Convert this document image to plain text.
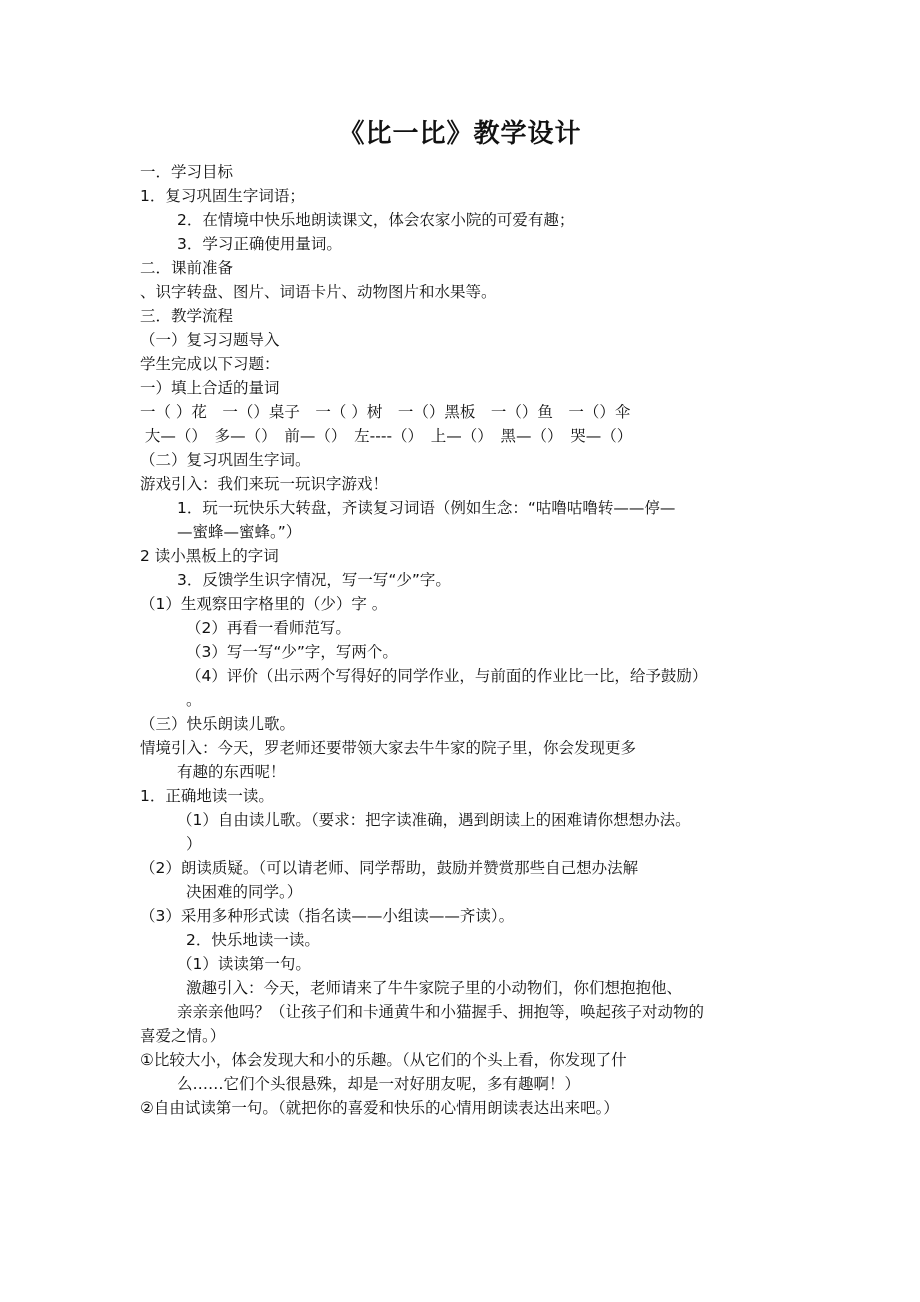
《比一比》教学设计
一．学习目标
1．复习巩固生字词语；
2．在情境中快乐地朗读课文，体会农家小院的可爱有趣；
3．学习正确使用量词。
二．课前准备
、识字转盘、图片、词语卡片、动物图片和水果等。
三．教学流程
（一）复习习题导入
学生完成以下习题：
一）填上合适的量词
一（ ）花　一（）桌子　一（ ）树　一（）黑板　一（）鱼　一（）伞
大—（）　多—（）　前—（）　左----（）　上—（）　黑—（）　哭—（）
（二）复习巩固生字词。
游戏引入：我们来玩一玩识字游戏！
1．玩一玩快乐大转盘，齐读复习词语（例如生念：“咕噜咕噜转——停—
—蜜蜂—蜜蜂。”）
2 读小黑板上的字词
3．反馈学生识字情况，写一写“少”字。
（1）生观察田字格里的（少）字 。
（2）再看一看师范写。
（3）写一写“少”字，写两个。
（4）评价（出示两个写得好的同学作业，与前面的作业比一比，给予鼓励）
。
（三）快乐朗读儿歌。
情境引入：今天，罗老师还要带领大家去牛牛家的院子里，你会发现更多
有趣的东西呢！
1．正确地读一读。
（1）自由读儿歌。（要求：把字读准确，遇到朗读上的困难请你想想办法。
）
（2）朗读质疑。（可以请老师、同学帮助，鼓励并赞赏那些自己想办法解
决困难的同学。）
（3）采用多种形式读（指名读——小组读——齐读）。
2．快乐地读一读。
（1）读读第一句。
激趣引入：今天，老师请来了牛牛家院子里的小动物们，你们想抱抱他、
亲亲亲他吗？（让孩子们和卡通黄牛和小猫握手、拥抱等，唤起孩子对动物的
喜爱之情。）
①比较大小，体会发现大和小的乐趣。（从它们的个头上看，你发现了什
么……它们个头很悬殊，却是一对好朋友呢，多有趣啊！）
②自由试读第一句。（就把你的喜爱和快乐的心情用朗读表达出来吧。）
